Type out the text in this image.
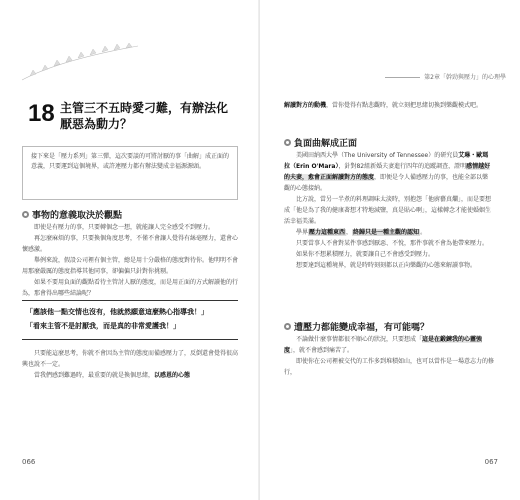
18 主管三不五時愛刁難，有辦法化厭惡為動力？
接下來是「壓力系列」第三彈，這次要談的可將討厭的事「曲解」成正面的意義，只要運到這個境界，或許連壓力都有辦法變成幸福源源頭。
事物的意義取決於觀點
即使是有壓力的事，只要轉個念一想，就能讓人完全感受不到壓力。
再怎麼麻煩的事，只要換個角度思考，不僅不會讓人覺得有絲毫壓力，還會心懷感激。
舉例來說，假設公司裡有個主管，總是用十分嚴格的態度對待你。他明明不會用那麼嚴厲的態度指導其他同事，卻偏偏只針對你挑剔。
如果不要用負面的觀點看待主管討人厭的態度，而是用正面的方式解讀他的行為，那會得出哪些結論呢？
「應該他一點交情也沒有，他就然願意這麼熱心指導我！」
「看來主管不是討厭我，而是真的非常愛護我！」
只要能這麼思考，你就不會因為主管的態度而備感壓力了，反倒還會覺得很高興也說不一定。
當我們感到難過時，最重要的就是換個思緒，以感恩的心態
066
第2章「幹勁與壓力」的心理學
解讀對方的動機，當你覺得有點悲觀時，就立刻把思緒切換到樂觀模式吧。
負面曲解成正面
美國田納西大學（The University of Tennessee）的研究員艾琳・歐瑪拉（Erin O'Mara），針對82組新婚夫妻進行四年的追蹤調查，證明感情越好的夫妻，愈會正面解讀對方的態度，即便是令人備感壓力的事，也能全部以樂觀的心態接納。
比方說，當另一半煮的料理調味太淡時，別抱怨「他廚藝真爛」，而是要想成「他是為了我的健康著想才特地減鹽，真是貼心啊」，這樣轉念才能使婚姻生活幸福美滿。
學界壓力這種東西，終歸只是一種主觀的認知。
只要當事人不會對某件事感到厭惡、不悅，那件事就不會為他帶來壓力。
如果你不想累積壓力，就要讓自己不會感受到壓力。
想要達到這種境界，就是時時刻刻都以正向樂觀的心態來解讀事物。
遭壓力都能變成幸福，有可能嗎？
不論做什麼事情都很不順心的狀況，只要想成「這是在鍛鍊我的心靈強度」，就不會感到痛苦了。
即使你在公司裡被交代的工作多到堆積如山，也可以當作是一場意志力的修行，
067
